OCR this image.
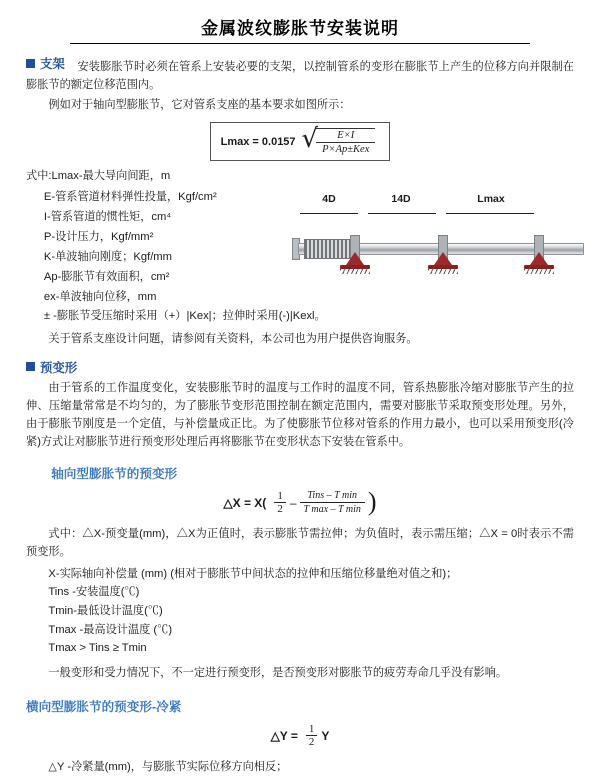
金属波纹膨胀节安装说明
支架	安装膨胀节时必须在管系上安装必要的支架，以控制管系的变形在膨胀节上产生的位移方向并限制在膨胀节的额定位移范围内。

例如对于轴向型膨胀节，它对管系支座的基本要求如图所示：

Lmax = 0.0157 √
$\frac{E\times I}{\text{P×Ap±Kex}}$

式中:Lmax-最大导向间距，m

E-管系管道材料弹性投量，Kgf/cm²

I-管系管道的惯性矩，cm⁴

P-设计压力，Kgf/mm²

K-单波轴向刚度；Kgf/mm

Ap-膨胀节有效面积，cm²

ex-单波轴向位移，mm

4D	14D	Lmax

± -膨胀节受压缩时采用（+）|Kex|；拉伸时采用(-)|Kexl。

关于管系支座设计问题，请参阅有关资料，本公司也为用户提供咨询服务。

预变形

由于管系的工作温度变化，安装膨胀节时的温度与工作时的温度不同，管系热膨胀冷缩对膨胀节产生的拉伸、压缩量常常是不均匀的，为了膨胀节变形范围控制在额定范围内，需要对膨胀节采取预变形处理。另外，由于膨胀节刚度是一个定值，与补偿量成正比。为了使膨胀节位移对管系的作用力最小，也可以采用预变形(冷紧)方式让对膨胀节进行预变形处理后再将膨胀节在变形状态下安装在管系中。

轴向型膨胀节的预变形
△X = $X( \frac{1}{2}$ –	Tins – T min
T max – T min )

式中：△X-预变量(mm)，△X为正值时，表示膨胀节需拉伸；为负值时，表示需压缩；△X = 0时表示不需预变形。

X-实际轴向补偿量 (mm) (相对于膨胀节中间状态的拉伸和压缩位移量绝对值之和)；

Tins -安装温度(℃)

Tmin-最低设计温度(℃)

Tmax -最高设计温度 (℃)

Tmax > Tins ≥ Tmin

一般变形和受力情况下，不一定进行预变形，是否预变形对膨胀节的疲劳寿命几乎没有影响。

横向型膨胀节的预变形-冷紧
△Y = $\frac{1}{2}$ Y

△Y -冷紧量(mm)，与膨胀节实际位移方向相反；
